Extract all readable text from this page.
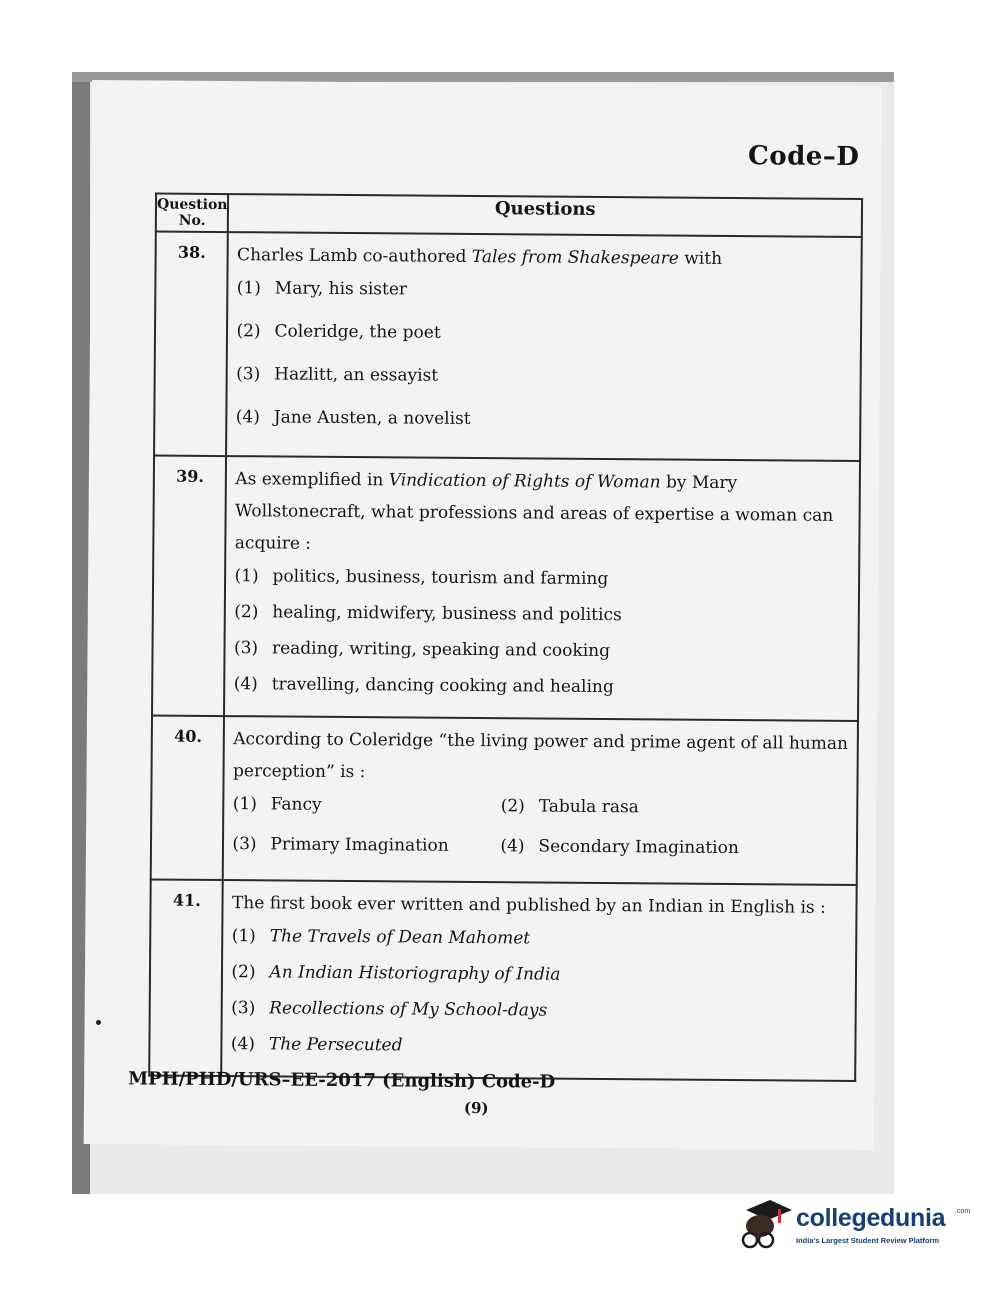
Code–D
Question No.	Questions
38.	Charles Lamb co-authored Tales from Shakespeare with
(1) Mary, his sister
(2) Coleridge, the poet
(3) Hazlitt, an essayist
(4) Jane Austen, a novelist

39.	As exemplified in Vindication of Rights of Woman by Mary Wollstonecraft, what professions and areas of expertise a woman can acquire :
(1) politics, business, tourism and farming
(2) healing, midwifery, business and politics
(3) reading, writing, speaking and cooking
(4) travelling, dancing cooking and healing

40.	According to Coleridge “the living power and prime agent of all human perception” is :
(1) Fancy (2) Tabula rasa
(3) Primary Imagination (4) Secondary Imagination

41.	The first book ever written and published by an Indian in English is :
(1) The Travels of Dean Mahomet
(2) An Indian Historiography of India
(3) Recollections of My School-days
(4) The Persecuted
MPH/PHD/URS–EE-2017 (English) Code-D
(9)
collegedunia .com
India's Largest Student Review Platform
